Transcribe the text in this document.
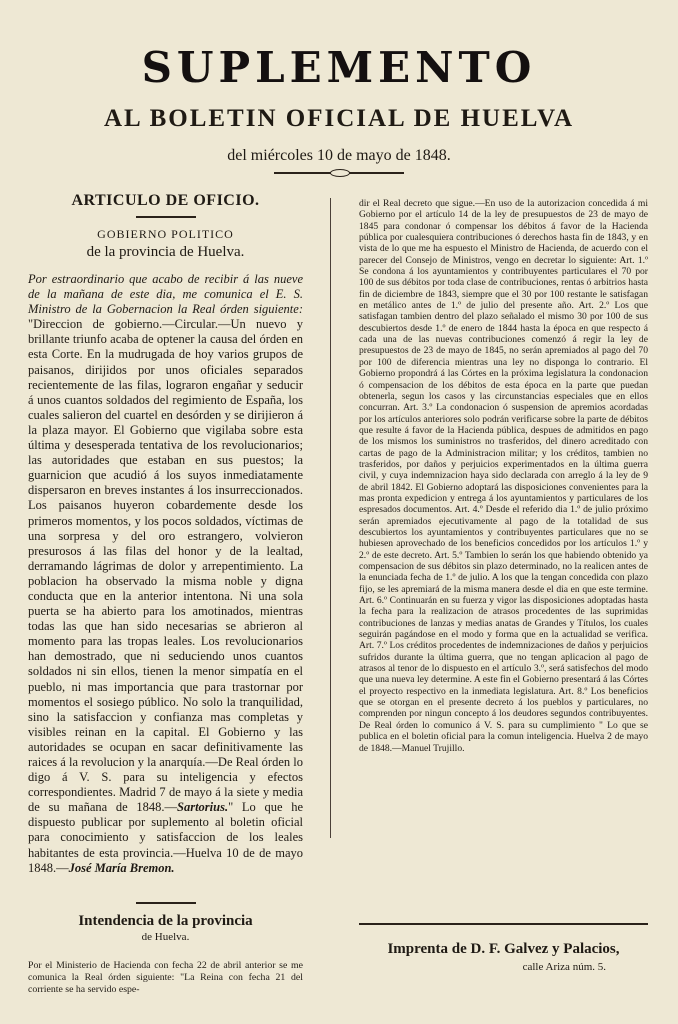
SUPLEMENTO
AL BOLETIN OFICIAL DE HUELVA
del miércoles 10 de mayo de 1848.
ARTICULO DE OFICIO.
GOBIERNO POLITICO
de la provincia de Huelva.

Por estraordinario que acabo de recibir á las nueve de la mañana de este dia, me comunica el E. S. Ministro de la Gobernacion la Real órden siguiente: "Direccion de gobierno.—Circular.—Un nuevo y brillante triunfo acaba de optener la causa del órden en esta Corte. En la mudrugada de hoy varios grupos de paisanos, dirijidos por unos oficiales separados recientemente de las filas, lograron engañar y seducir á unos cuantos soldados del regimiento de España, los cuales salieron del cuartel en desórden y se dirijieron á la plaza mayor. El Gobierno que vigilaba sobre esta última y desesperada tentativa de los revolucionarios; las autoridades que estaban en sus puestos; la guarnicion que acudió á los suyos inmediatamente dispersaron en breves instantes á los insurreccionados. Los paisanos huyeron cobardemente desde los primeros momentos, y los pocos soldados, víctimas de una sorpresa y del oro estrangero, volvieron presurosos á las filas del honor y de la lealtad, derramando lágrimas de dolor y arrepentimiento. La poblacion ha observado la misma noble y digna conducta que en la anterior intentona. Ni una sola puerta se ha abierto para los amotinados, mientras todas las que han sido necesarias se abrieron al momento para las tropas leales. Los revolucionarios han demostrado, que ni seduciendo unos cuantos soldados ni sin ellos, tienen la menor simpatía en el pueblo, ni mas importancia que para trastornar por momentos el sosiego público. No solo la tranquilidad, sino la satisfaccion y confianza mas completas y visibles reinan en la capital. El Gobierno y las autoridades se ocupan en sacar definitivamente las raices á la revolucion y la anarquía.—De Real órden lo digo á V. S. para su inteligencia y efectos correspondientes. Madrid 7 de mayo á la siete y media de su mañana de 1848.—Sartorius." Lo que he dispuesto publicar por suplemento al boletin oficial para conocimiento y satisfaccion de los leales habitantes de esta provincia.—Huelva 10 de de mayo 1848.—José María Bremon.

Intendencia de la provincia
de Huelva.
Por el Ministerio de Hacienda con fecha 22 de abril anterior se me comunica la Real órden siguiente: "La Reina con fecha 21 del corriente se ha servido espe-

dir el Real decreto que sigue.—En uso de la autorizacion concedida á mi Gobierno por el artículo 14 de la ley de presupuestos de 23 de mayo de 1845 para condonar ó compensar los débitos á favor de la Hacienda pública por cualesquiera contribuciones ó derechos hasta fin de 1843, y en vista de lo que me ha espuesto el Ministro de Hacienda, de acuerdo con el parecer del Consejo de Ministros, vengo en decretar lo siguiente: Art. 1.º Se condona á los ayuntamientos y contribuyentes particulares el 70 por 100 de sus débitos por toda clase de contribuciones, rentas ó arbitrios hasta fin de diciembre de 1843, siempre que el 30 por 100 restante le satisfagan en metálico antes de 1.º de julio del presente año. Art. 2.º Los que satisfagan tambien dentro del plazo señalado el mismo 30 por 100 de sus descubiertos desde 1.º de enero de 1844 hasta la época en que respecto á cada una de las nuevas contribuciones comenzó á regir la ley de presupuestos de 23 de mayo de 1845, no serán apremiados al pago del 70 por 100 de diferencia mientras una ley no disponga lo contrario. El Gobierno propondrá á las Córtes en la próxima legislatura la condonacion ó compensacion de los débitos de esta época en la parte que puedan obtenerla, segun los casos y las circunstancias especiales que en ellos concurran. Art. 3.º La condonacion ó suspension de apremios acordadas por los artículos anteriores solo podrán verificarse sobre la parte de débitos que resulte á favor de la Hacienda pública, despues de admitidos en pago de los mismos los suministros no trasferidos, del dinero acreditado con cartas de pago de la Administracion militar; y los créditos, tambien no trasferidos, por daños y perjuicios experimentados en la última guerra civil, y cuya indemnizacion haya sido declarada con arreglo á la ley de 9 de abril 1842. El Gobierno adoptará las disposiciones convenientes para la mas pronta expedicion y entrega á los ayuntamientos y particulares de los espresados documentos. Art. 4.º Desde el referido dia 1.º de julio próximo serán apremiados ejecutivamente al pago de la totalidad de sus descubiertos los ayuntamientos y contribuyentes particulares que no se hubiesen aprovechado de los beneficios concedidos por los artículos 1.º y 2.º de este decreto. Art. 5.º Tambien lo serán los que habiendo obtenido ya compensacion de sus débitos sin plazo determinado, no la realicen antes de la enunciada fecha de 1.º de julio. A los que la tengan concedida con plazo fijo, se les apremiará de la misma manera desde el dia en que este termine. Art. 6.º Continuarán en su fuerza y vigor las disposiciones adoptadas hasta la fecha para la realizacion de atrasos procedentes de las suprimidas contribuciones de lanzas y medias anatas de Grandes y Títulos, los cuales seguirán pagándose en el modo y forma que en la actualidad se verifica. Art. 7.º Los créditos procedentes de indemnizaciones de daños y perjuicios sufridos durante la última guerra, que no tengan aplicacion al pago de atrasos al tenor de lo dispuesto en el artículo 3.º, será satisfechos del modo que una nueva ley determine. A este fin el Gobierno presentará á las Córtes el proyecto respectivo en la inmediata legislatura. Art. 8.º Los beneficios que se otorgan en el presente decreto á los pueblos y particulares, no comprenden por ningun concepto á los deudores segundos contribuyentes. De Real órden lo comunico á V. S. para su cumplimiento " Lo que se publica en el boletin oficial para la comun inteligencia. Huelva 2 de mayo de 1848.—Manuel Trujillo.

Imprenta de D. F. Galvez y Palacios,
calle Ariza núm. 5.
